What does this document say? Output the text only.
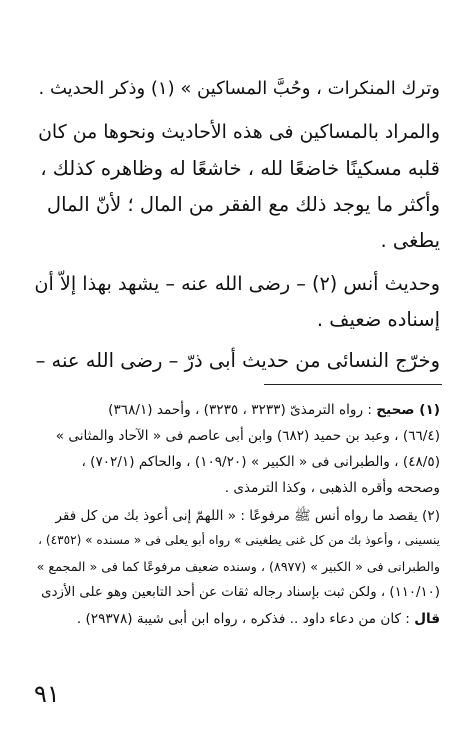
وترك المنكرات ، وحُبَّ المساكين » (١) وذكر الحديث .

والمراد بالمساكين فى هذه الأحاديث ونحوها من كان

قلبه مسكينًا خاضعًا لله ، خاشعًا له وظاهره كذلك ،

وأكثر ما يوجد ذلك مع الفقر من المال ؛ لأنّ المال

يطغى .

وحديث أنس (٢) – رضى الله عنه – يشهد بهذا إلاّ أن

إسناده ضعيف .

وخرّج النسائى من حديث أبى ذرّ – رضى الله عنه –

(١) صحيح : رواه الترمذىّ (٣٢٣٣ ، ٣٢٣٥) ، وأحمد (٣٦٨/١)

(٦٦/٤) ، وعبد بن حميد (٦٨٢) وابن أبى عاصم فى « الآحاد والمثانى »

(٤٨/٥) ، والطبرانى فى « الكبير » (١٠٩/٢٠) ، والحاكم (٧٠٢/١) ،

وصححه وأقره الذهبى ، وكذا الترمذى .

(٢) يقصد ما رواه أنس ﷺ مرفوعًا : « اللهمّ إنى أعوذ بك من كل فقر

ينسينى ، وأعوذ بك من كل غنى يطغينى » رواه أبو يعلى فى « مسنده » (٤٣٥٢) ،

والطبرانى فى « الكبير » (٨٩٧٧) ، وسنده ضعيف مرفوعًا كما فى « المجمع »

(١١٠/١٠) ، ولكن ثبت بإسناد رجاله ثقات عن أحد التابعين وهو على الأزدى

قال : كان من دعاء داود .. فذكره ، رواه ابن أبى شيبة (٢٩٣٧٨) .

٩١
